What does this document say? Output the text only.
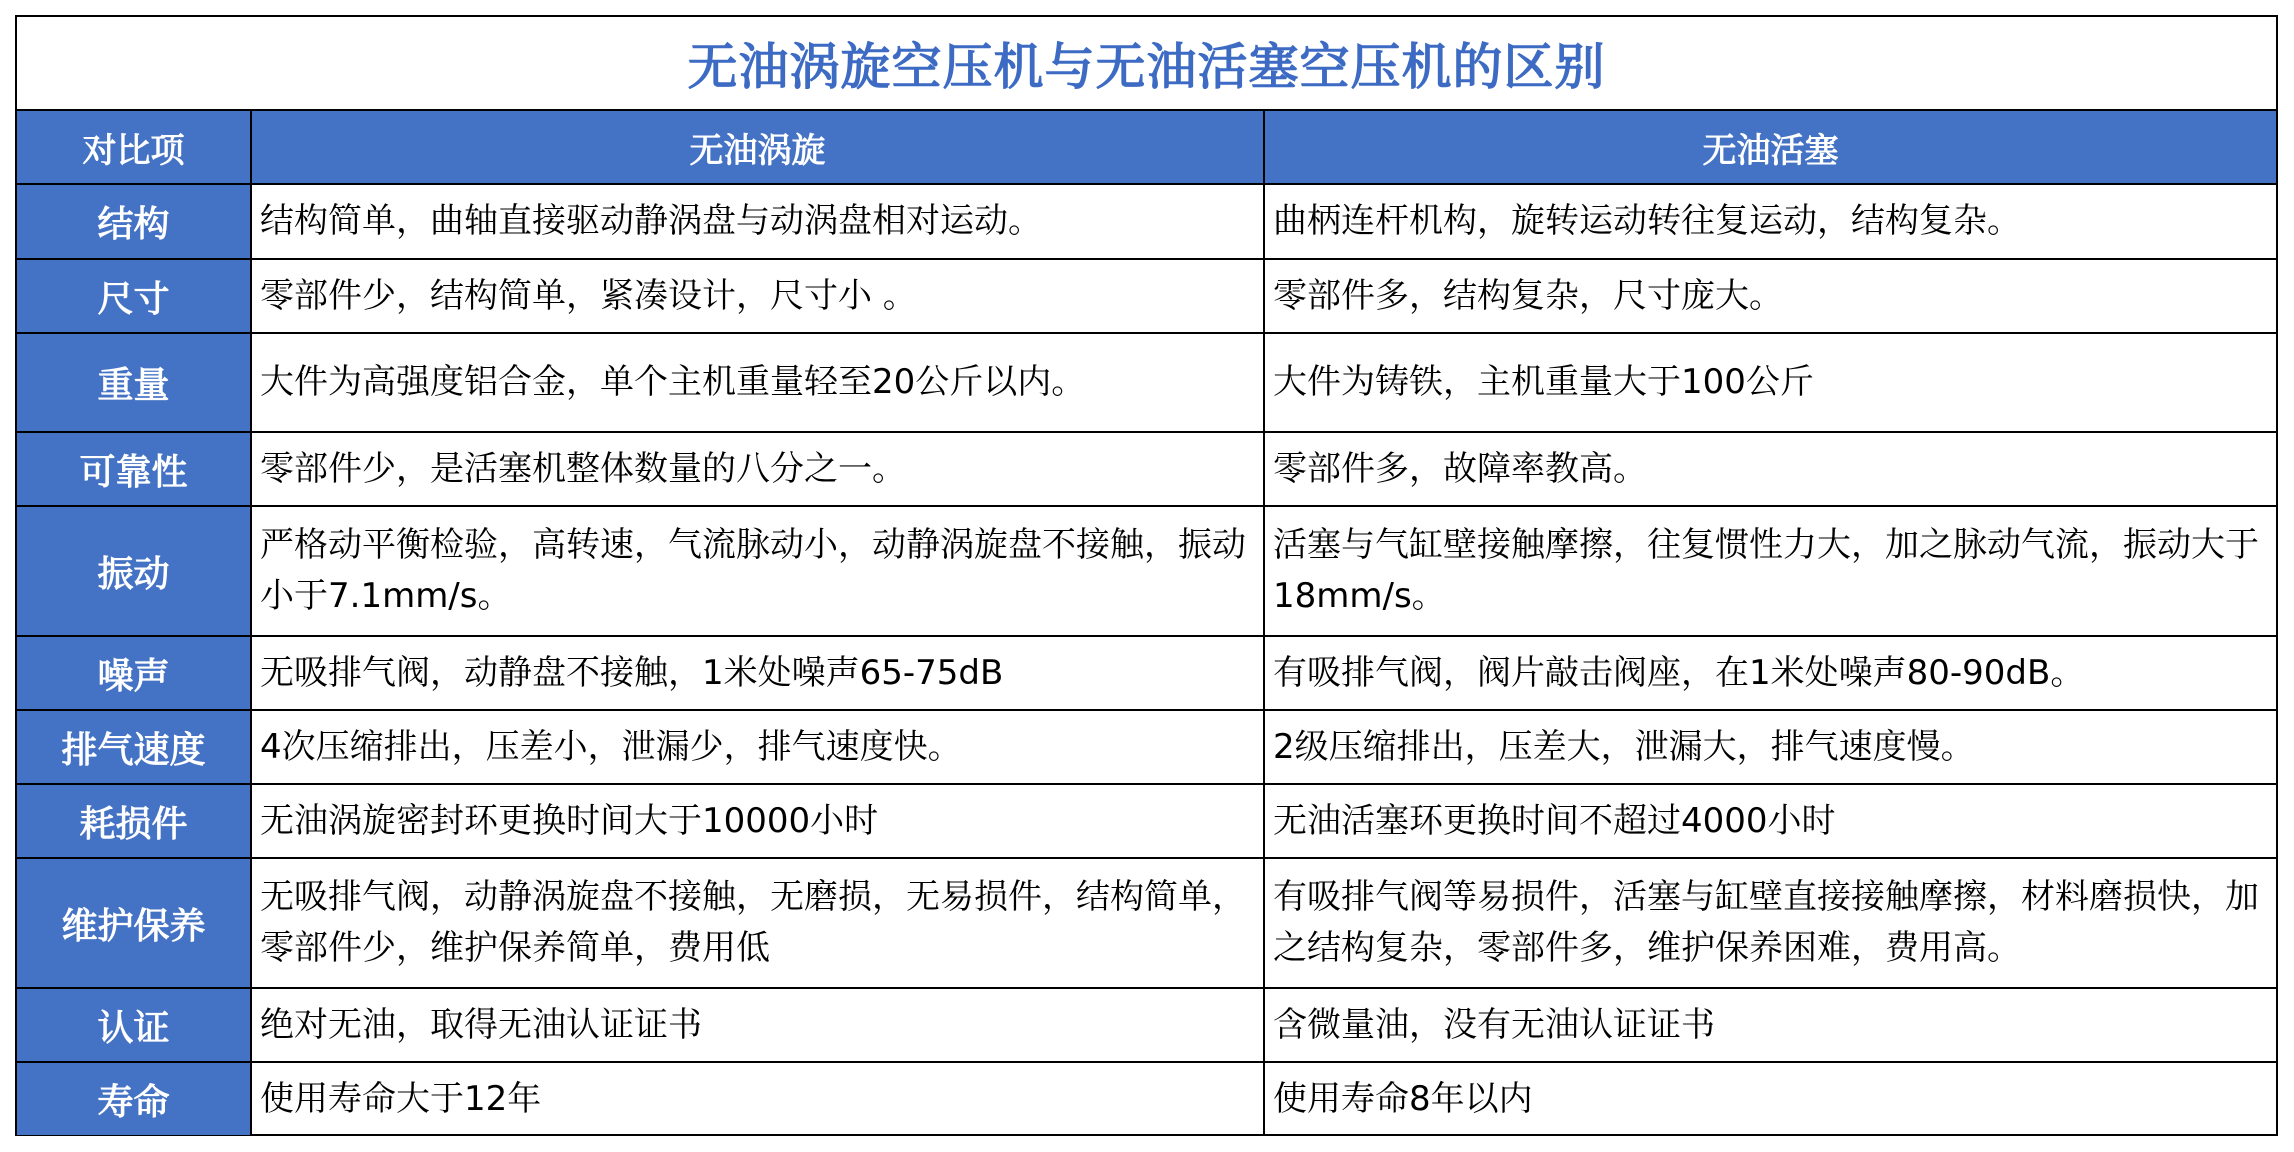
无油涡旋空压机与无油活塞空压机的区别
对比项	无油涡旋	无油活塞
结构	结构简单，曲轴直接驱动静涡盘与动涡盘相对运动。	曲柄连杆机构，旋转运动转往复运动，结构复杂。
尺寸	零部件少，结构简单，紧凑设计，尺寸小 。	零部件多，结构复杂，尺寸庞大。
重量	大件为高强度铝合金，单个主机重量轻至20公斤以内。	大件为铸铁，主机重量大于100公斤
可靠性	零部件少，是活塞机整体数量的八分之一。	零部件多，故障率教高。
振动	严格动平衡检验，高转速，气流脉动小，动静涡旋盘不接触，振动小于7.1mm/s。	活塞与气缸壁接触摩擦，往复惯性力大，加之脉动气流，振动大于18mm/s。
噪声	无吸排气阀，动静盘不接触，1米处噪声65-75dB	有吸排气阀，阀片敲击阀座，在1米处噪声80-90dB。
排气速度	4次压缩排出，压差小，泄漏少，排气速度快。	2级压缩排出，压差大，泄漏大，排气速度慢。
耗损件	无油涡旋密封环更换时间大于10000小时	无油活塞环更换时间不超过4000小时
维护保养	无吸排气阀，动静涡旋盘不接触，无磨损，无易损件，结构简单，零部件少，维护保养简单，费用低	有吸排气阀等易损件，活塞与缸壁直接接触摩擦，材料磨损快，加之结构复杂，零部件多，维护保养困难，费用高。
认证	绝对无油，取得无油认证证书	含微量油，没有无油认证证书
寿命	使用寿命大于12年	使用寿命8年以内
